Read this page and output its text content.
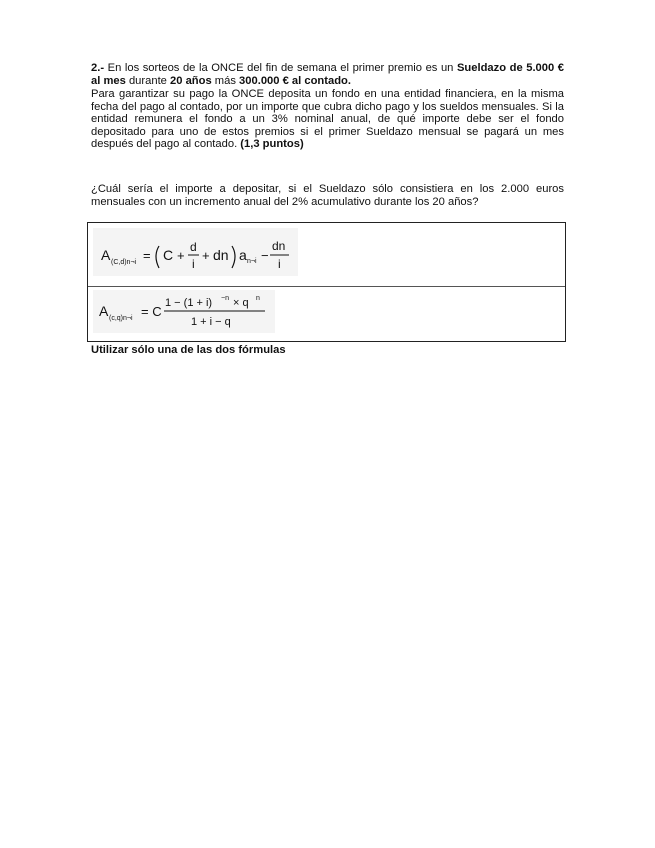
2.- En los sorteos de la ONCE del fin de semana el primer premio es un Sueldazo de 5.000 € al mes durante 20 años más 300.000 € al contado.
Para garantizar su pago la ONCE deposita un fondo en una entidad financiera, en la misma fecha del pago al contado, por un importe que cubra dicho pago y los sueldos mensuales. Si la entidad remunera el fondo a un 3% nominal anual, de qué importe debe ser el fondo depositado para uno de estos premios si el primer Sueldazo mensual se pagará un mes después del pago al contado. (1,3 puntos)
¿Cuál sería el importe a depositar, si el Sueldazo sólo consistiera en los 2.000 euros mensuales con un incremento anual del 2% acumulativo durante los 20 años?
A (C,d)n¬i = C +
d
i
+ dn a n¬i −
dn
i
A (c,q)n¬i = C
1 − (1 + i) −n × q n
1 + i − q
Utilizar sólo una de las dos fórmulas
